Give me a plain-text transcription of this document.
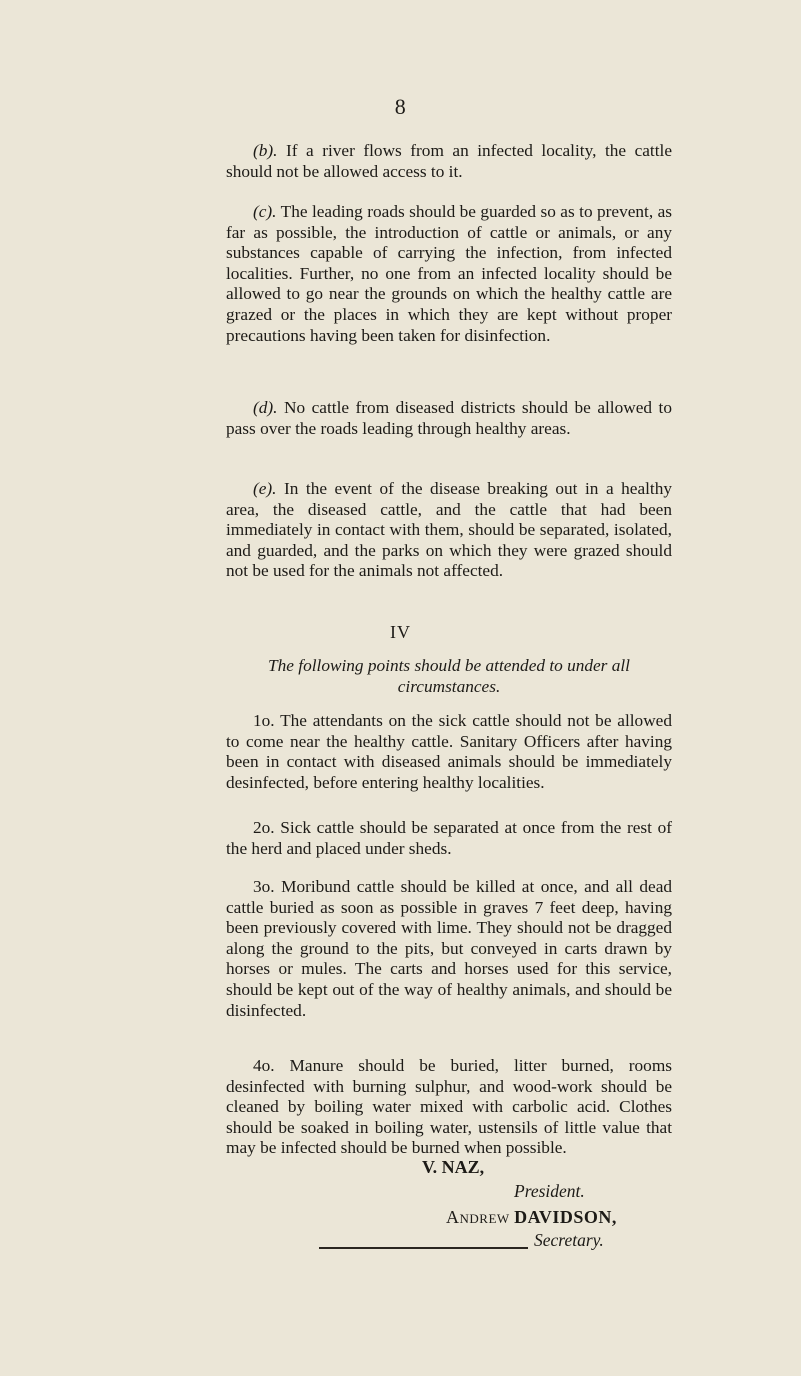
8

(b). If a river flows from an infected locality, the cattle should not be allowed access to it.

(c). The leading roads should be guarded so as to prevent, as far as possible, the introduction of cattle or animals, or any substances capable of carrying the infection, from infected localities. Further, no one from an infected locality should be allowed to go near the grounds on which the healthy cattle are grazed or the places in which they are kept without proper precautions having been taken for disinfection.

(d). No cattle from diseased districts should be allowed to pass over the roads leading through healthy areas.

(e). In the event of the disease breaking out in a healthy area, the diseased cattle, and the cattle that had been immediately in contact with them, should be separated, isolated, and guarded, and the parks on which they were grazed should not be used for the animals not affected.

IV

The following points should be attended to under all circumstances.

1o. The attendants on the sick cattle should not be allowed to come near the healthy cattle. Sanitary Officers after having been in contact with diseased animals should be immediately desinfected, before entering healthy localities.

2o. Sick cattle should be separated at once from the rest of the herd and placed under sheds.

3o. Moribund cattle should be killed at once, and all dead cattle buried as soon as possible in graves 7 feet deep, having been previously covered with lime. They should not be dragged along the ground to the pits, but conveyed in carts drawn by horses or mules. The carts and horses used for this service, should be kept out of the way of healthy animals, and should be disinfected.

4o. Manure should be buried, litter burned, rooms desinfected with burning sulphur, and wood-work should be cleaned by boiling water mixed with carbolic acid. Clothes should be soaked in boiling water, ustensils of little value that may be infected should be burned when possible.

V. NAZ,
President.
Andrew DAVIDSON,
Secretary.
